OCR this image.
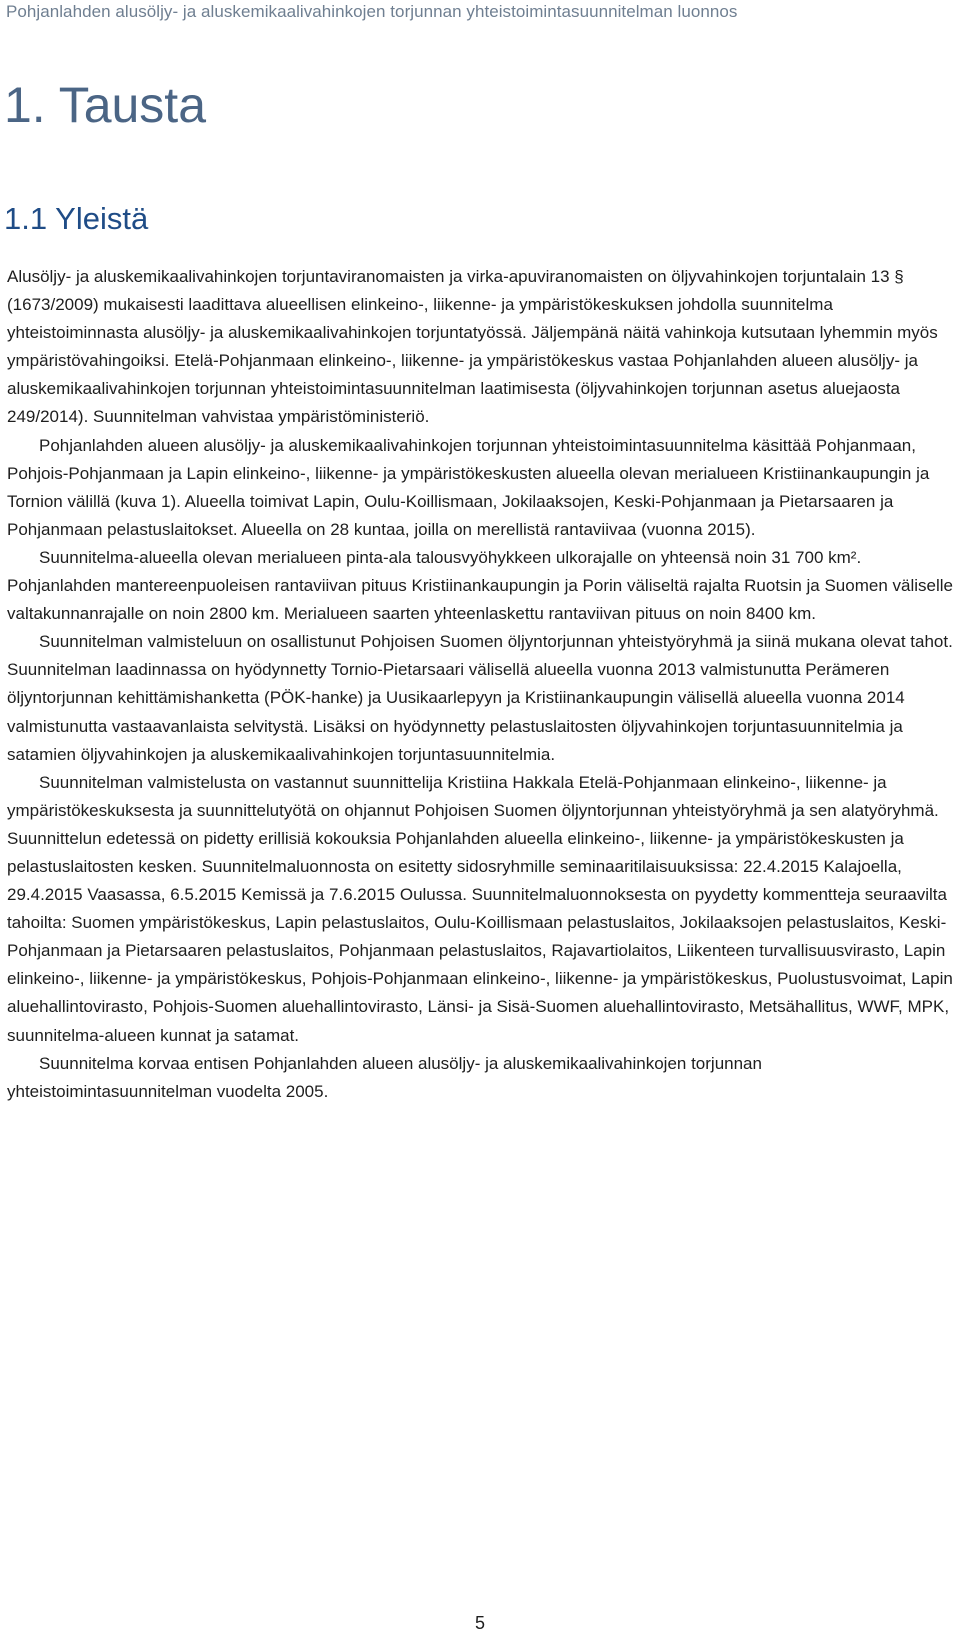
Pohjanlahden alusöljy- ja aluskemikaalivahinkojen torjunnan yhteistoimintasuunnitelman luonnos
1. Tausta
1.1 Yleistä

Alusöljy- ja aluskemikaalivahinkojen torjuntaviranomaisten ja virka-apuviranomaisten on öljyvahinkojen torjuntalain 13 § (1673/2009) mukaisesti laadittava alueellisen elinkeino-, liikenne- ja ympäristökeskuksen johdolla suunnitelma yhteistoiminnasta alusöljy- ja aluskemikaalivahinkojen torjuntatyössä. Jäljempänä näitä vahinkoja kutsutaan lyhemmin myös ympäristövahingoiksi. Etelä-Pohjanmaan elinkeino-, liikenne- ja ympäristökeskus vastaa Pohjanlahden alueen alusöljy- ja aluskemikaalivahinkojen torjunnan yhteistoimintasuunnitelman laatimisesta (öljyvahinkojen torjunnan asetus aluejaosta 249/2014). Suunnitelman vahvistaa ympäristöministeriö.

Pohjanlahden alueen alusöljy- ja aluskemikaalivahinkojen torjunnan yhteistoimintasuunnitelma käsittää Pohjanmaan, Pohjois-Pohjanmaan ja Lapin elinkeino-, liikenne- ja ympäristökeskusten alueella olevan merialueen Kristiinankaupungin ja Tornion välillä (kuva 1). Alueella toimivat Lapin, Oulu-Koillismaan, Jokilaaksojen, Keski-Pohjanmaan ja Pietarsaaren ja Pohjanmaan pelastuslaitokset. Alueella on 28 kuntaa, joilla on merellistä rantaviivaa (vuonna 2015).

Suunnitelma-alueella olevan merialueen pinta-ala talousvyöhykkeen ulkorajalle on yhteensä noin 31 700 km². Pohjanlahden mantereenpuoleisen rantaviivan pituus Kristiinankaupungin ja Porin väliseltä rajalta Ruotsin ja Suomen väliselle valtakunnanrajalle on noin 2800 km. Merialueen saarten yhteenlaskettu rantaviivan pituus on noin 8400 km.

Suunnitelman valmisteluun on osallistunut Pohjoisen Suomen öljyntorjunnan yhteistyöryhmä ja siinä mukana olevat tahot. Suunnitelman laadinnassa on hyödynnetty Tornio-Pietarsaari välisellä alueella vuonna 2013 valmistunutta Perämeren öljyntorjunnan kehittämishanketta (PÖK-hanke) ja Uusikaarlepyyn ja Kristiinankaupungin välisellä alueella vuonna 2014 valmistunutta vastaavanlaista selvitystä. Lisäksi on hyödynnetty pelastuslaitosten öljyvahinkojen torjuntasuunnitelmia ja satamien öljyvahinkojen ja aluskemikaalivahinkojen torjuntasuunnitelmia.

Suunnitelman valmistelusta on vastannut suunnittelija Kristiina Hakkala Etelä-Pohjanmaan elinkeino-, liikenne- ja ympäristökeskuksesta ja suunnittelutyötä on ohjannut Pohjoisen Suomen öljyntorjunnan yhteistyöryhmä ja sen alatyöryhmä. Suunnittelun edetessä on pidetty erillisiä kokouksia Pohjanlahden alueella elinkeino-, liikenne- ja ympäristökeskusten ja pelastuslaitosten kesken. Suunnitelmaluonnosta on esitetty sidosryhmille seminaaritilaisuuksissa: 22.4.2015 Kalajoella, 29.4.2015 Vaasassa, 6.5.2015 Kemissä ja 7.6.2015 Oulussa. Suunnitelmaluonnoksesta on pyydetty kommentteja seuraavilta tahoilta: Suomen ympäristökeskus, Lapin pelastuslaitos, Oulu-Koillismaan pelastuslaitos, Jokilaaksojen pelastuslaitos, Keski-Pohjanmaan ja Pietarsaaren pelastuslaitos, Pohjanmaan pelastuslaitos, Rajavartiolaitos, Liikenteen turvallisuusvirasto, Lapin elinkeino-, liikenne- ja ympäristökeskus, Pohjois-Pohjanmaan elinkeino-, liikenne- ja ympäristökeskus, Puolustusvoimat, Lapin aluehallintovirasto, Pohjois-Suomen aluehallintovirasto, Länsi- ja Sisä-Suomen aluehallintovirasto, Metsähallitus, WWF, MPK, suunnitelma-alueen kunnat ja satamat.

Suunnitelma korvaa entisen Pohjanlahden alueen alusöljy- ja aluskemikaalivahinkojen torjunnan yhteistoimintasuunnitelman vuodelta 2005.

5
